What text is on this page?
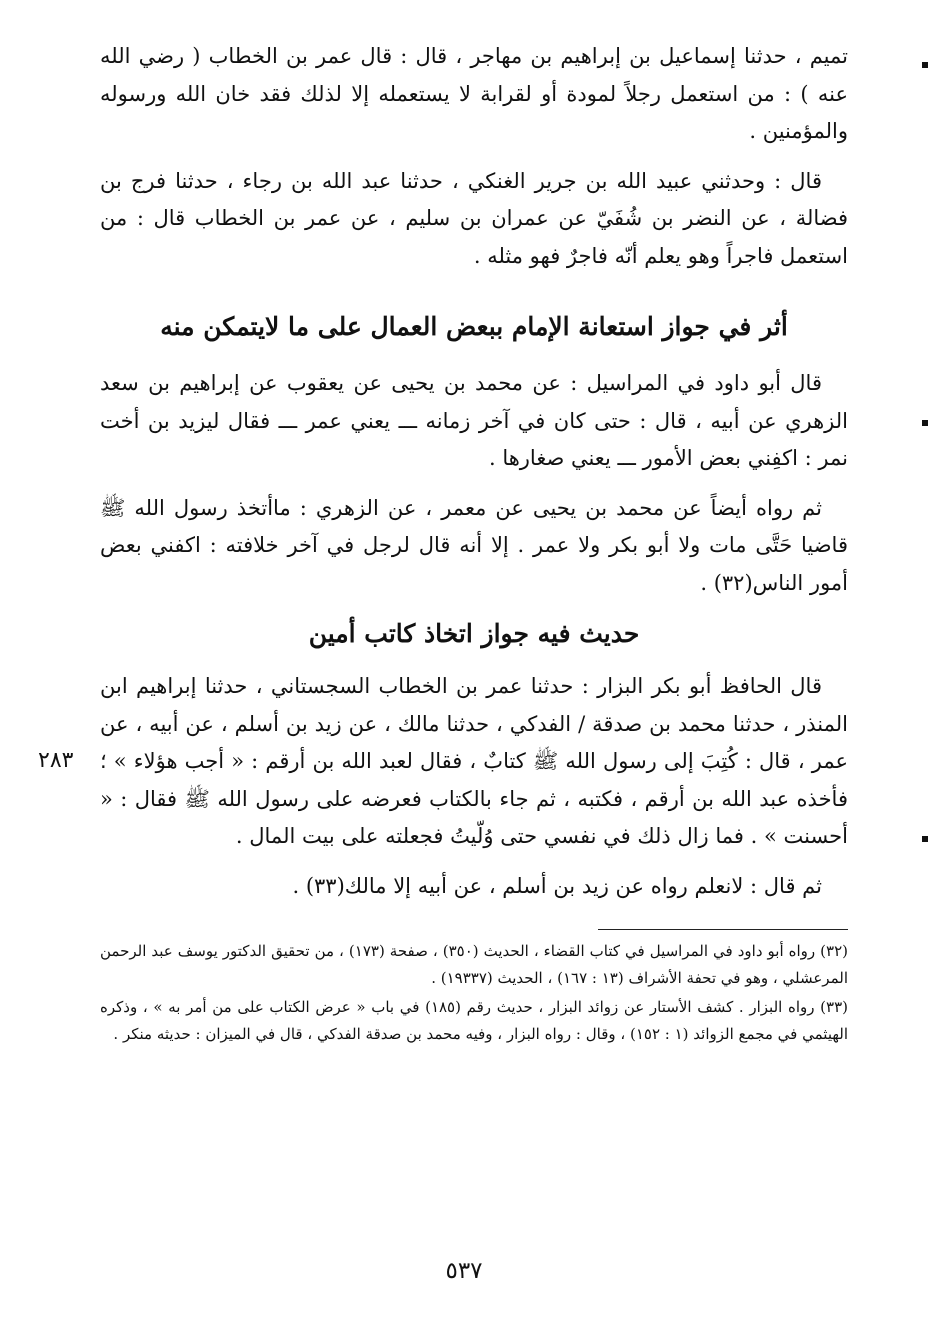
تميم ، حدثنا إسماعيل بن إبراهيم بن مهاجر ، قال : قال عمر بن الخطاب ( رضي الله عنه ) : من استعمل رجلاً لمودة أو لقرابة لا يستعمله إلا لذلك فقد خان الله ورسوله والمؤمنين .

قال : وحدثني عبيد الله بن جرير الغنكي ، حدثنا عبد الله بن رجاء ، حدثنا فرج بن فضالة ، عن النضر بن شُفَيّ عن عمران بن سليم ، عن عمر بن الخطاب قال : من استعمل فاجراً وهو يعلم أنّه فاجرٌ فهو مثله .

أثر في جواز استعانة الإمام ببعض العمال على ما لايتمكن منه

قال أبو داود في المراسيل : عن محمد بن يحيى عن يعقوب عن إبراهيم بن سعد الزهري عن أبيه ، قال : حتى كان في آخر زمانه ـــ يعني عمر ـــ فقال ليزيد بن أخت نمر : اكفِني بعض الأمور ـــ يعني صغارها .

ثم رواه أيضاً عن محمد بن يحيى عن معمر ، عن الزهري : ماأتخذ رسول الله ﷺ قاضيا حَتَّى مات ولا أبو بكر ولا عمر . إلا أنه قال لرجل في آخر خلافته : اكفني بعض أمور الناس(٣٢) .

حديث فيه جواز اتخاذ كاتب أمين

قال الحافظ أبو بكر البزار : حدثنا عمر بن الخطاب السجستاني ، حدثنا إبراهيم ابن المنذر ، حدثنا محمد بن صدقة / الفدكي ، حدثنا مالك ، عن زيد بن أسلم ، عن أبيه ، عن عمر ، قال : كُتِبَ إلى رسول الله ﷺ كتابٌ ، فقال لعبد الله بن أرقم : « أجب هؤلاء » ؛ فأخذه عبد الله بن أرقم ، فكتبه ، ثم جاء بالكتاب فعرضه على رسول الله ﷺ فقال : « أحسنت » . فما زال ذلك في نفسي حتى وُلّيتُ فجعلته على بيت المال .

ثم قال : لانعلم رواه عن زيد بن أسلم ، عن أبيه إلا مالك(٣٣) .

(٣٢) رواه أبو داود في المراسيل في كتاب القضاء ، الحديث (٣٥٠) ، صفحة (١٧٣) ، من تحقيق الدكتور يوسف عبد الرحمن المرعشلي ، وهو في تحفة الأشراف (١٣ : ١٦٧) ، الحديث (١٩٣٣٧) .

(٣٣) رواه البزار . كشف الأستار عن زوائد البزار ، حديث رقم (١٨٥) في باب « عرض الكتاب على من أمر به » ، وذكره الهيثمي في مجمع الزوائد (١ : ١٥٢) ، وقال : رواه البزار ، وفيه محمد بن صدقة الفدكي ، قال في الميزان : حديثه منكر .

٢٨٣
٥٣٧
